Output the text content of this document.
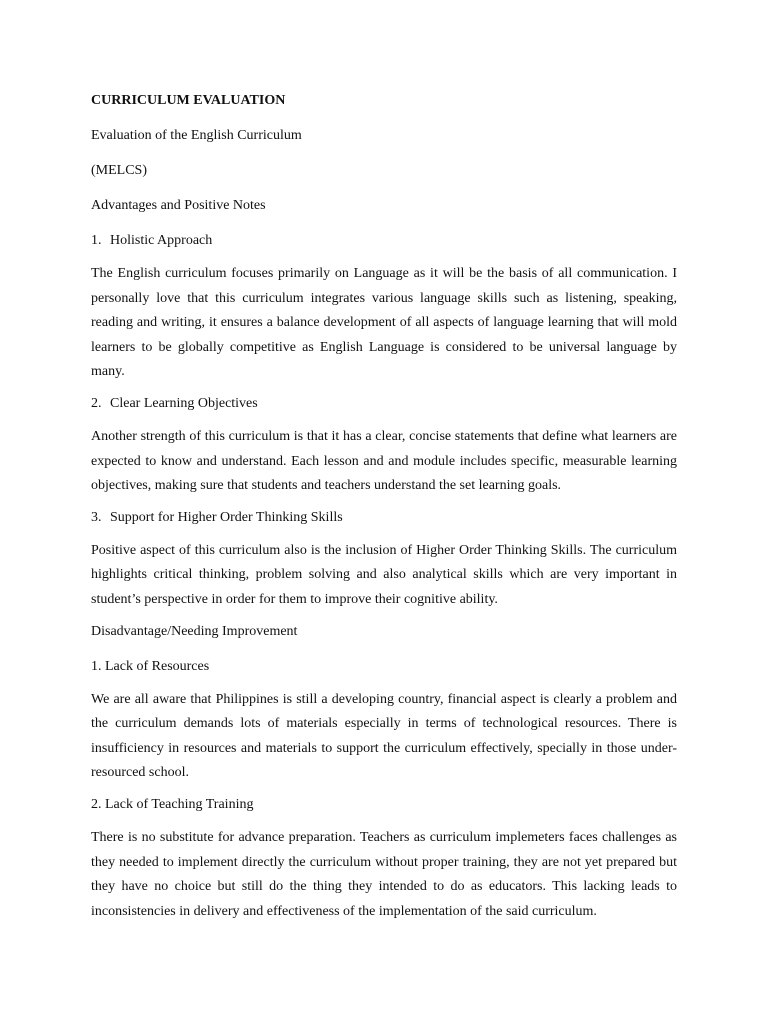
CURRICULUM EVALUATION

Evaluation of the English Curriculum

(MELCS)

Advantages and Positive Notes

1. Holistic Approach

The English curriculum focuses primarily on Language as it will be the basis of all communication. I personally love that this curriculum integrates various language skills such as listening, speaking, reading and writing, it ensures a balance development of all aspects of language learning that will mold learners to be globally competitive as English Language is considered to be universal language by many.

2. Clear Learning Objectives

Another strength of this curriculum is that it has a clear, concise statements that define what learners are expected to know and understand. Each lesson and and module includes specific, measurable learning objectives, making sure that students and teachers understand the set learning goals.

3. Support for Higher Order Thinking Skills

Positive aspect of this curriculum also is the inclusion of Higher Order Thinking Skills. The curriculum highlights critical thinking, problem solving and also analytical skills which are very important in student’s perspective in order for them to improve their cognitive ability.

Disadvantage/Needing Improvement

1. Lack of Resources

We are all aware that Philippines is still a developing country, financial aspect is clearly a problem and the curriculum demands lots of materials especially in terms of technological resources. There is insufficiency in resources and materials to support the curriculum effectively, specially in those under-resourced school.

2. Lack of Teaching Training

There is no substitute for advance preparation. Teachers as curriculum implemeters faces challenges as they needed to implement directly the curriculum without proper training, they are not yet prepared but they have no choice but still do the thing they intended to do as educators. This lacking leads to inconsistencies in delivery and effectiveness of the implementation of the said curriculum.
